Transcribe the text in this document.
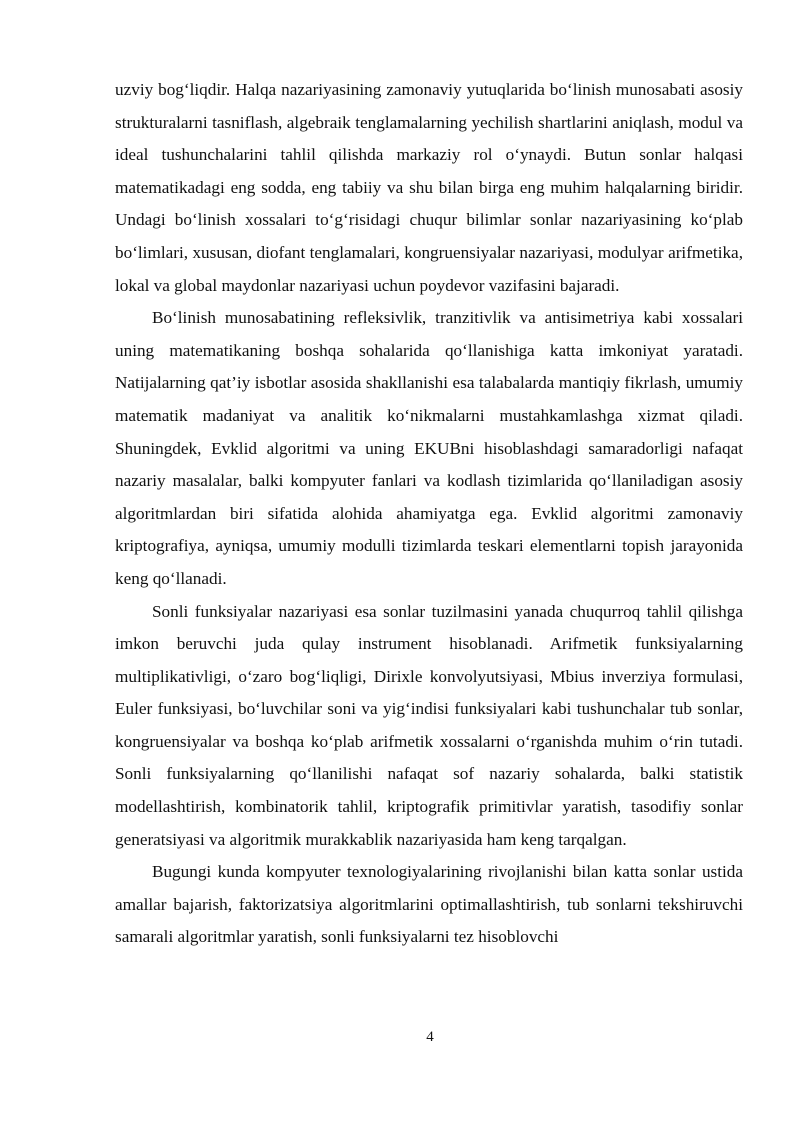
uzviy bog‘liqdir. Halqa nazariyasining zamonaviy yutuqlarida bo‘linish munosabati asosiy strukturalarni tasniflash, algebraik tenglamalarning yechilish shartlarini aniqlash, modul va ideal tushunchalarini tahlil qilishda markaziy rol o‘ynaydi. Butun sonlar halqasi matematikadagi eng sodda, eng tabiiy va shu bilan birga eng muhim halqalarning biridir. Undagi bo‘linish xossalari to‘g‘risidagi chuqur bilimlar sonlar nazariyasining ko‘plab bo‘limlari, xususan, diofant tenglamalari, kongruensiyalar nazariyasi, modulyar arifmetika, lokal va global maydonlar nazariyasi uchun poydevor vazifasini bajaradi.

Bo‘linish munosabatining refleksivlik, tranzitivlik va antisimetriya kabi xossalari uning matematikaning boshqa sohalarida qo‘llanishiga katta imkoniyat yaratadi. Natijalarning qat’iy isbotlar asosida shakllanishi esa talabalarda mantiqiy fikrlash, umumiy matematik madaniyat va analitik ko‘nikmalarni mustahkamlashga xizmat qiladi. Shuningdek, Evklid algoritmi va uning EKUBni hisoblashdagi samaradorligi nafaqat nazariy masalalar, balki kompyuter fanlari va kodlash tizimlarida qo‘llaniladigan asosiy algoritmlardan biri sifatida alohida ahamiyatga ega. Evklid algoritmi zamonaviy kriptografiya, ayniqsa, umumiy modulli tizimlarda teskari elementlarni topish jarayonida keng qo‘llanadi.

Sonli funksiyalar nazariyasi esa sonlar tuzilmasini yanada chuqurroq tahlil qilishga imkon beruvchi juda qulay instrument hisoblanadi. Arifmetik funksiyalarning multiplikativligi, o‘zaro bog‘liqligi, Dirixle konvolyutsiyasi, Mbius inverziya formulasi, Euler funksiyasi, bo‘luvchilar soni va yig‘indisi funksiyalari kabi tushunchalar tub sonlar, kongruensiyalar va boshqa ko‘plab arifmetik xossalarni o‘rganishda muhim o‘rin tutadi. Sonli funksiyalarning qo‘llanilishi nafaqat sof nazariy sohalarda, balki statistik modellashtirish, kombinatorik tahlil, kriptografik primitivlar yaratish, tasodifiy sonlar generatsiyasi va algoritmik murakkablik nazariyasida ham keng tarqalgan.

Bugungi kunda kompyuter texnologiyalarining rivojlanishi bilan katta sonlar ustida amallar bajarish, faktorizatsiya algoritmlarini optimallashtirish, tub sonlarni tekshiruvchi samarali algoritmlar yaratish, sonli funksiyalarni tez hisoblovchi

4
